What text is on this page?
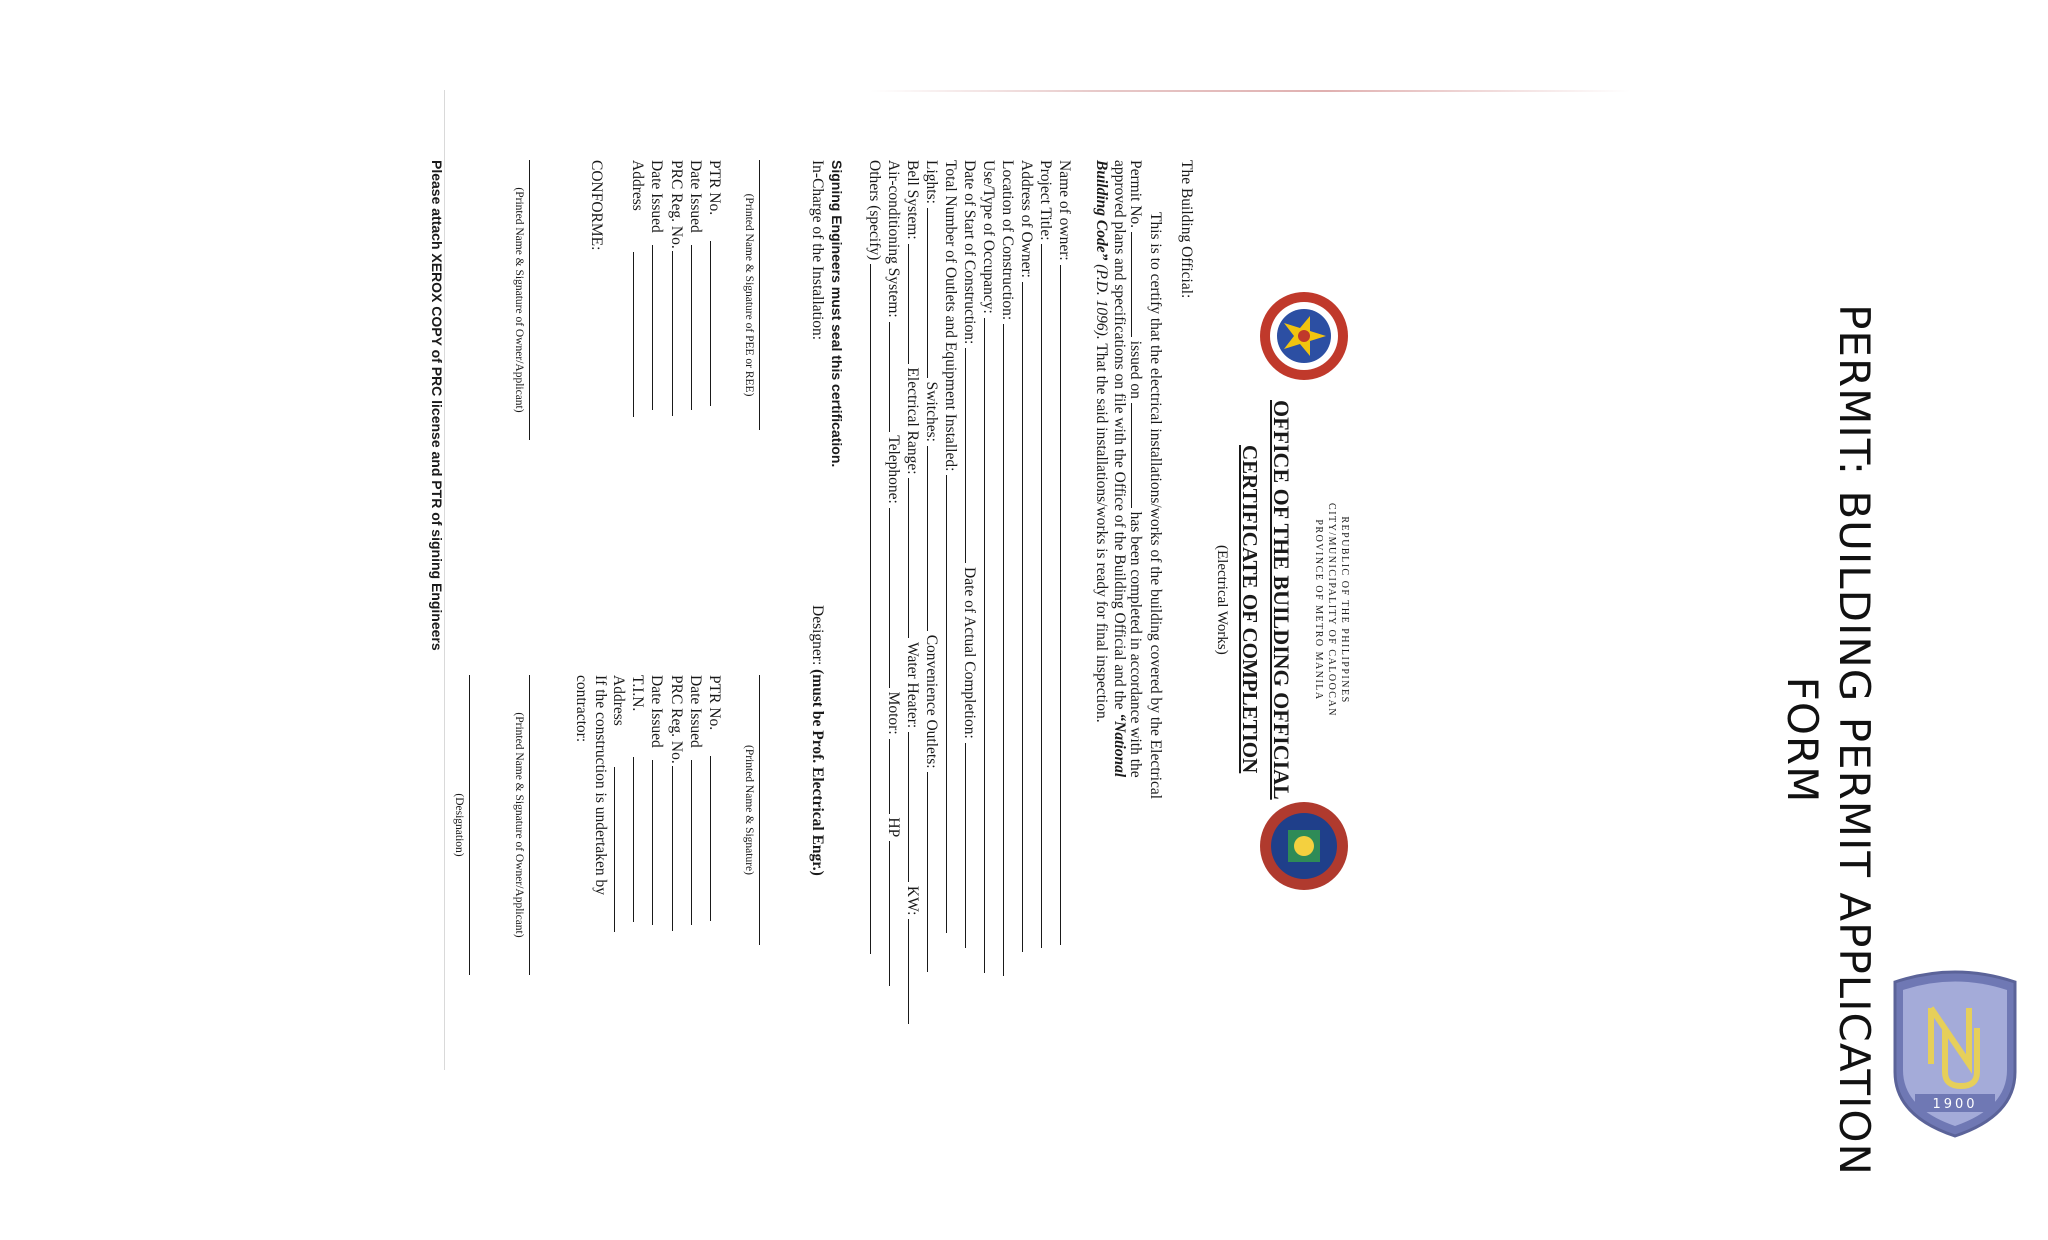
PERMIT: BUILDING PERMIT APPLICATION FORM
REPUBLIC OF THE PHILIPPINES
CITY/MUNICIPALITY OF CALOOCAN
PROVINCE OF METRO MANILA
OFFICE OF THE BUILDING OFFICIAL
CERTIFICATE OF COMPLETION
(Electrical Works)
The Building Official:
This is to certify that the electrical installations/works of the building covered by the Electrical
Permit No.  issued on  has been completed in accordance with the
approved plans and specifications on file with the Office of the Building Official and the “National
Building Code” (P.D. 1096). That the said installations/works is ready for final inspection.
Name of owner:
Project Title:
Address of Owner:
Location of Construction:
Use/Type of Occupancy:
Date of Start of Construction:  Date of Actual Completion:
Total Number of Outlets and Equipment Installed:
Lights:  Switches:  Convenience Outlets:
Bell System:  Electrical Range:  Water Heater:  KW:
Air-conditioning System:  Telephone:  Motor:  HP
Others (specify)
Signing Engineers must seal this certification.
In-Charge of the Installation:
Designer: (must be Prof. Electrical Engr.)
(Printed Name & Signature of PEE or REE)
(Printed Name & Signature)
PTR No.
Date Issued
PRC Reg. No.
Date Issued
Address
PTR No.
Date Issued
PRC Reg. No.
Date Issued
T.I.N.
Address
If the construction is undertaken by
contractor:
CONFORME:
(Printed Name & Signature of Owner/Applicant)
(Printed Name & Signature of Owner/Applicant)
(Designation)
Please attach XEROX COPY of PRC license and PTR of signing Engineers
1900
